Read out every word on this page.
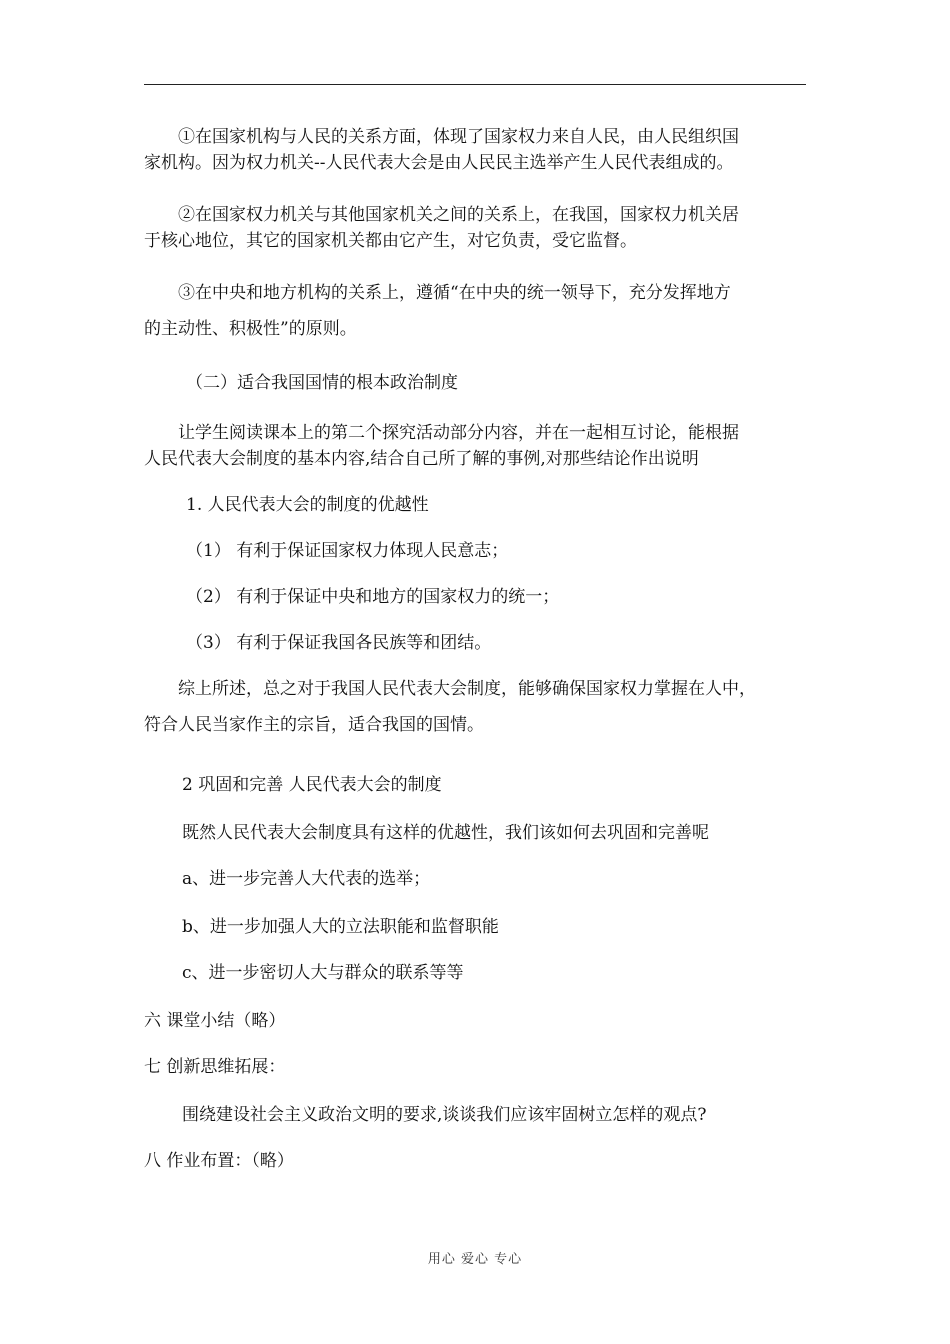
①在国家机构与人民的关系方面，体现了国家权力来自人民，由人民组织国
家机构。因为权力机关--人民代表大会是由人民民主选举产生人民代表组成的。
②在国家权力机关与其他国家机关之间的关系上，在我国，国家权力机关居
于核心地位，其它的国家机关都由它产生，对它负责，受它监督。
③在中央和地方机构的关系上，遵循“在中央的统一领导下，充分发挥地方
的主动性、积极性”的原则。
（二）适合我国国情的根本政治制度
让学生阅读课本上的第二个探究活动部分内容，并在一起相互讨论，能根据
人民代表大会制度的基本内容,结合自己所了解的事例,对那些结论作出说明
1. 人民代表大会的制度的优越性
（1） 有利于保证国家权力体现人民意志；
（2） 有利于保证中央和地方的国家权力的统一；
（3） 有利于保证我国各民族等和团结。
综上所述，总之对于我国人民代表大会制度，能够确保国家权力掌握在人中，
符合人民当家作主的宗旨，适合我国的国情。
2 巩固和完善 人民代表大会的制度
既然人民代表大会制度具有这样的优越性，我们该如何去巩固和完善呢
a、进一步完善人大代表的选举；
b、进一步加强人大的立法职能和监督职能
c、进一步密切人大与群众的联系等等
六 课堂小结（略）
七 创新思维拓展：
围绕建设社会主义政治文明的要求,谈谈我们应该牢固树立怎样的观点?
八 作业布置：（略）
用心 爱心 专心
